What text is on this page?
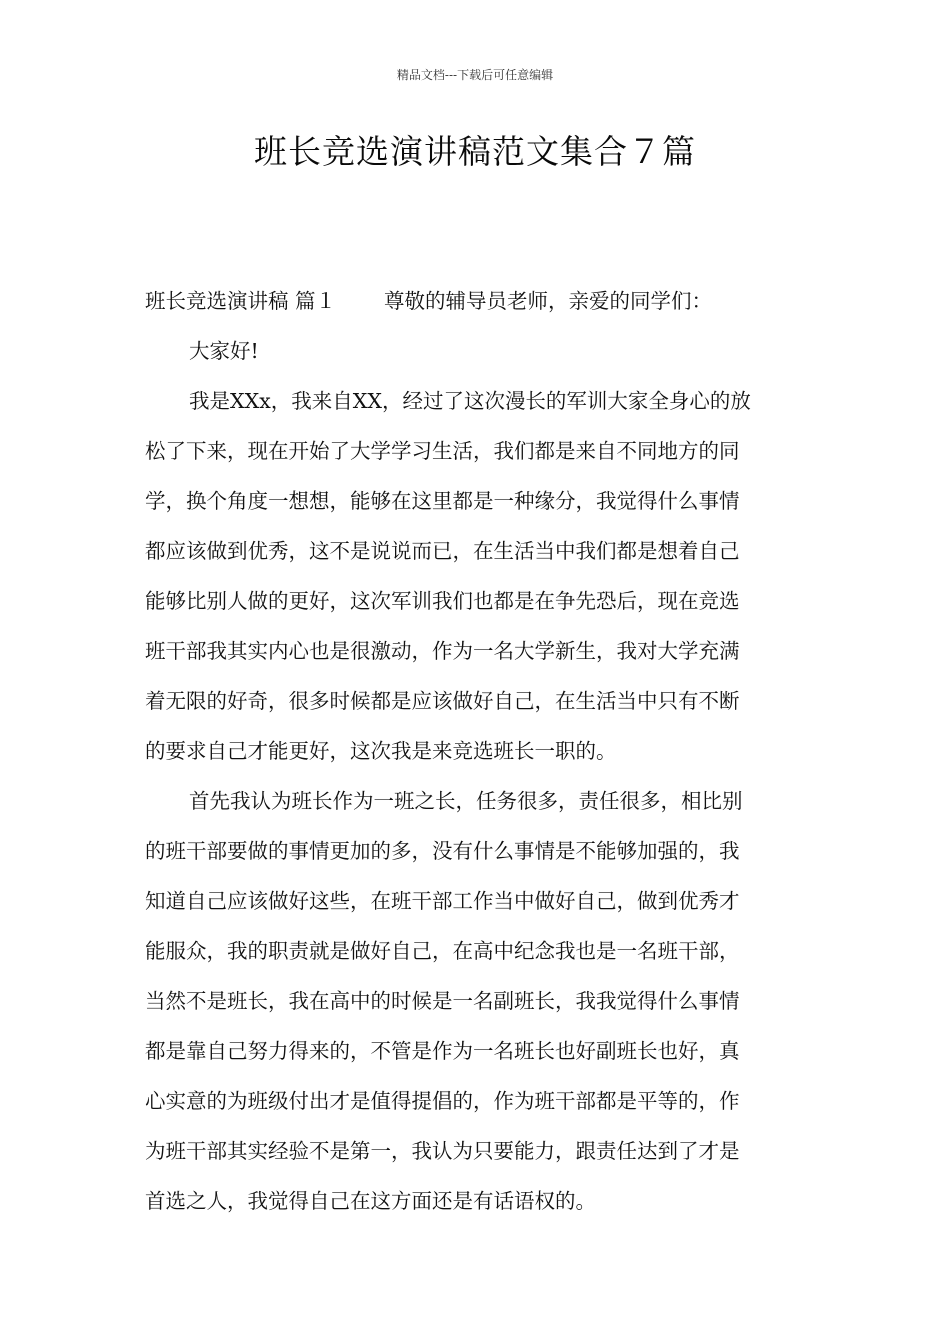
精品文档---下载后可任意编辑
班长竞选演讲稿范文集合７篇
班长竞选演讲稿 篇１ 尊敬的辅导员老师，亲爱的同学们：
大家好!
我是XXx，我来自XX，经过了这次漫长的军训大家全身心的放
松了下来，现在开始了大学学习生活，我们都是来自不同地方的同
学，换个角度一想想，能够在这里都是一种缘分，我觉得什么事情
都应该做到优秀，这不是说说而已，在生活当中我们都是想着自己
能够比别人做的更好，这次军训我们也都是在争先恐后，现在竞选
班干部我其实内心也是很激动，作为一名大学新生，我对大学充满
着无限的好奇，很多时候都是应该做好自己，在生活当中只有不断
的要求自己才能更好，这次我是来竞选班长一职的。
首先我认为班长作为一班之长，任务很多，责任很多，相比别
的班干部要做的事情更加的多，没有什么事情是不能够加强的，我
知道自己应该做好这些，在班干部工作当中做好自己，做到优秀才
能服众，我的职责就是做好自己，在高中纪念我也是一名班干部，
当然不是班长，我在高中的时候是一名副班长，我我觉得什么事情
都是靠自己努力得来的，不管是作为一名班长也好副班长也好，真
心实意的为班级付出才是值得提倡的，作为班干部都是平等的，作
为班干部其实经验不是第一，我认为只要能力，跟责任达到了才是
首选之人，我觉得自己在这方面还是有话语权的。
